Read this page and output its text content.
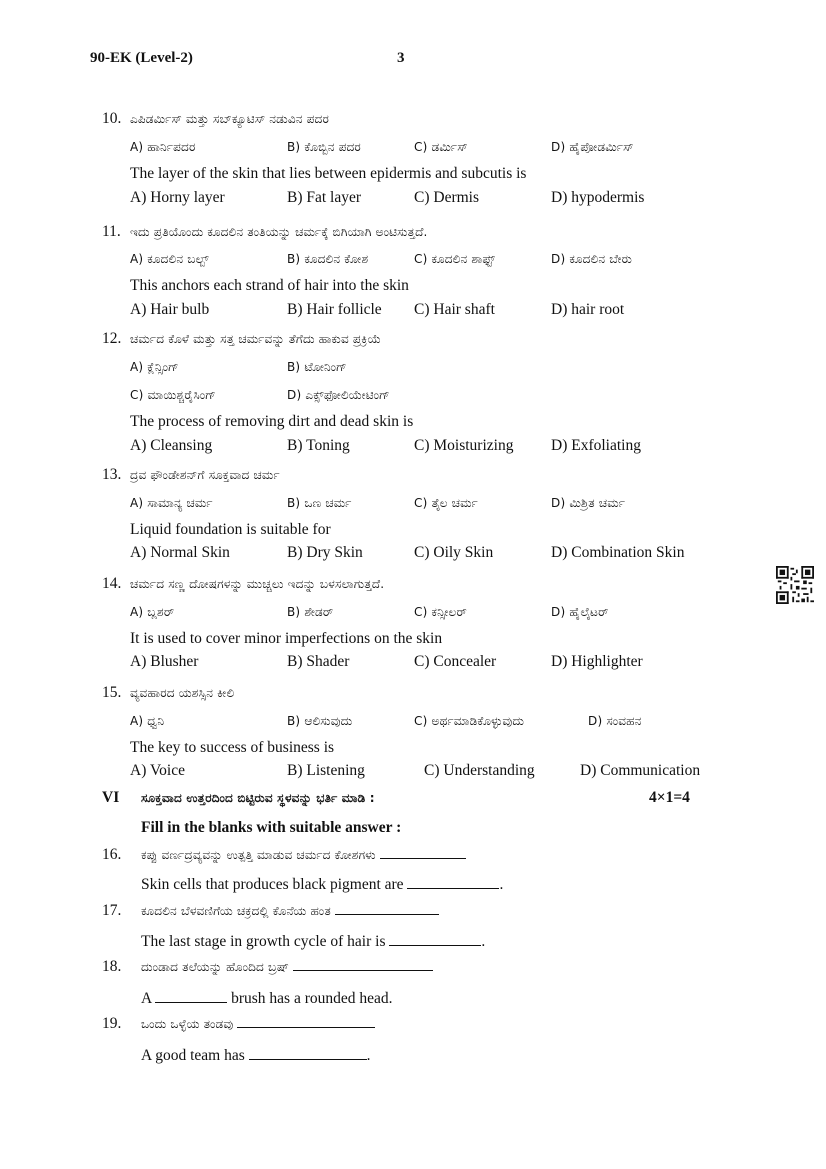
90-EK (Level-2)	3
10. ಎಪಿಡರ್ಮಿಸ್ ಮತ್ತು ಸಬ್‌ಕ್ಯೂಟಿಸ್ ನಡುವಿನ ಪದರ
A) ಹಾರ್ನಿಪದರ	B) ಕೊಬ್ಬಿನ ಪದರ	C) ಡರ್ಮಿಸ್	D) ಹೈಪೋಡರ್ಮಿಸ್
The layer of the skin that lies between epidermis and subcutis is
A) Horny layer	B) Fat layer	C) Dermis	D) hypodermis
11. ಇದು ಪ್ರತಿಯೊಂದು ಕೂದಲಿನ ತಂತಿಯನ್ನು ಚರ್ಮಕ್ಕೆ ಬಿಗಿಯಾಗಿ ಅಂಟಿಸುತ್ತದೆ.
A) ಕೂದಲಿನ ಬಲ್ಬ್	B) ಕೂದಲಿನ ಕೋಶ	C) ಕೂದಲಿನ ಶಾಫ್ಟ್	D) ಕೂದಲಿನ ಬೇರು
This anchors each strand of hair into the skin
A) Hair bulb	B) Hair follicle C) Hair shaft	D) hair root
12. ಚರ್ಮದ ಕೊಳೆ ಮತ್ತು ಸತ್ತ ಚರ್ಮವನ್ನು ತೆಗೆದು ಹಾಕುವ ಪ್ರಕ್ರಿಯೆ
A) ಕ್ಲೆನ್ಸಿಂಗ್	B) ಟೋನಿಂಗ್
C) ಮಾಯಿಶ್ಚರೈಸಿಂಗ್	D) ಎಕ್ಸ್‌ಫೋಲಿಯೇಟಿಂಗ್
The process of removing dirt and dead skin is
A) Cleansing	B) Toning	C) Moisturizing D) Exfoliating
13. ದ್ರವ ಫೌಂಡೇಶನ್‌ಗೆ ಸೂಕ್ತವಾದ ಚರ್ಮ
A) ಸಾಮಾನ್ಯ ಚರ್ಮ	B) ಒಣ ಚರ್ಮ	C) ತೈಲ ಚರ್ಮ	D) ಮಿಶ್ರಿತ ಚರ್ಮ
Liquid foundation is suitable for
A) Normal Skin	B) Dry Skin	C) Oily Skin	D) Combination Skin
14. ಚರ್ಮದ ಸಣ್ಣ ದೋಷಗಳನ್ನು ಮುಚ್ಚಲು ಇದನ್ನು ಬಳಸಲಾಗುತ್ತದೆ.
A) ಬ್ಲಶರ್	B) ಶೇಡರ್	C) ಕನ್ಸೀಲರ್	D) ಹೈಲೈಟರ್
It is used to cover minor imperfections on the skin
A) Blusher	B) Shader	C) Concealer	D) Highlighter
15. ವ್ಯವಹಾರದ ಯಶಸ್ಸಿನ ಕೀಲಿ
A) ಧ್ವನಿ	B) ಆಲಿಸುವುದು	C) ಅರ್ಥಮಾಡಿಕೊಳ್ಳುವುದು	D) ಸಂವಹನ
The key to success of business is
A) Voice	B) Listening	C) Understanding	D) Communication
VI ಸೂಕ್ತವಾದ ಉತ್ತರದಿಂದ ಬಿಟ್ಟಿರುವ ಸ್ಥಳವನ್ನು ಭರ್ತಿ ಮಾಡಿ :	4×1=4
Fill in the blanks with suitable answer :
16. ಕಪ್ಪು ವರ್ಣದ್ರವ್ಯವನ್ನು ಉತ್ಪತ್ತಿ ಮಾಡುವ ಚರ್ಮದ ಕೋಶಗಳು
Skin cells that produces black pigment are	.
17. ಕೂದಲಿನ ಬೆಳವಣಿಗೆಯ ಚಕ್ರದಲ್ಲಿ ಕೊನೆಯ ಹಂತ
The last stage in growth cycle of hair is	.
18. ದುಂಡಾದ ತಲೆಯನ್ನು ಹೊಂದಿದ ಬ್ರಷ್
A	brush has a rounded head.
19. ಒಂದು ಒಳ್ಳೆಯ ತಂಡವು
A good team has	.
